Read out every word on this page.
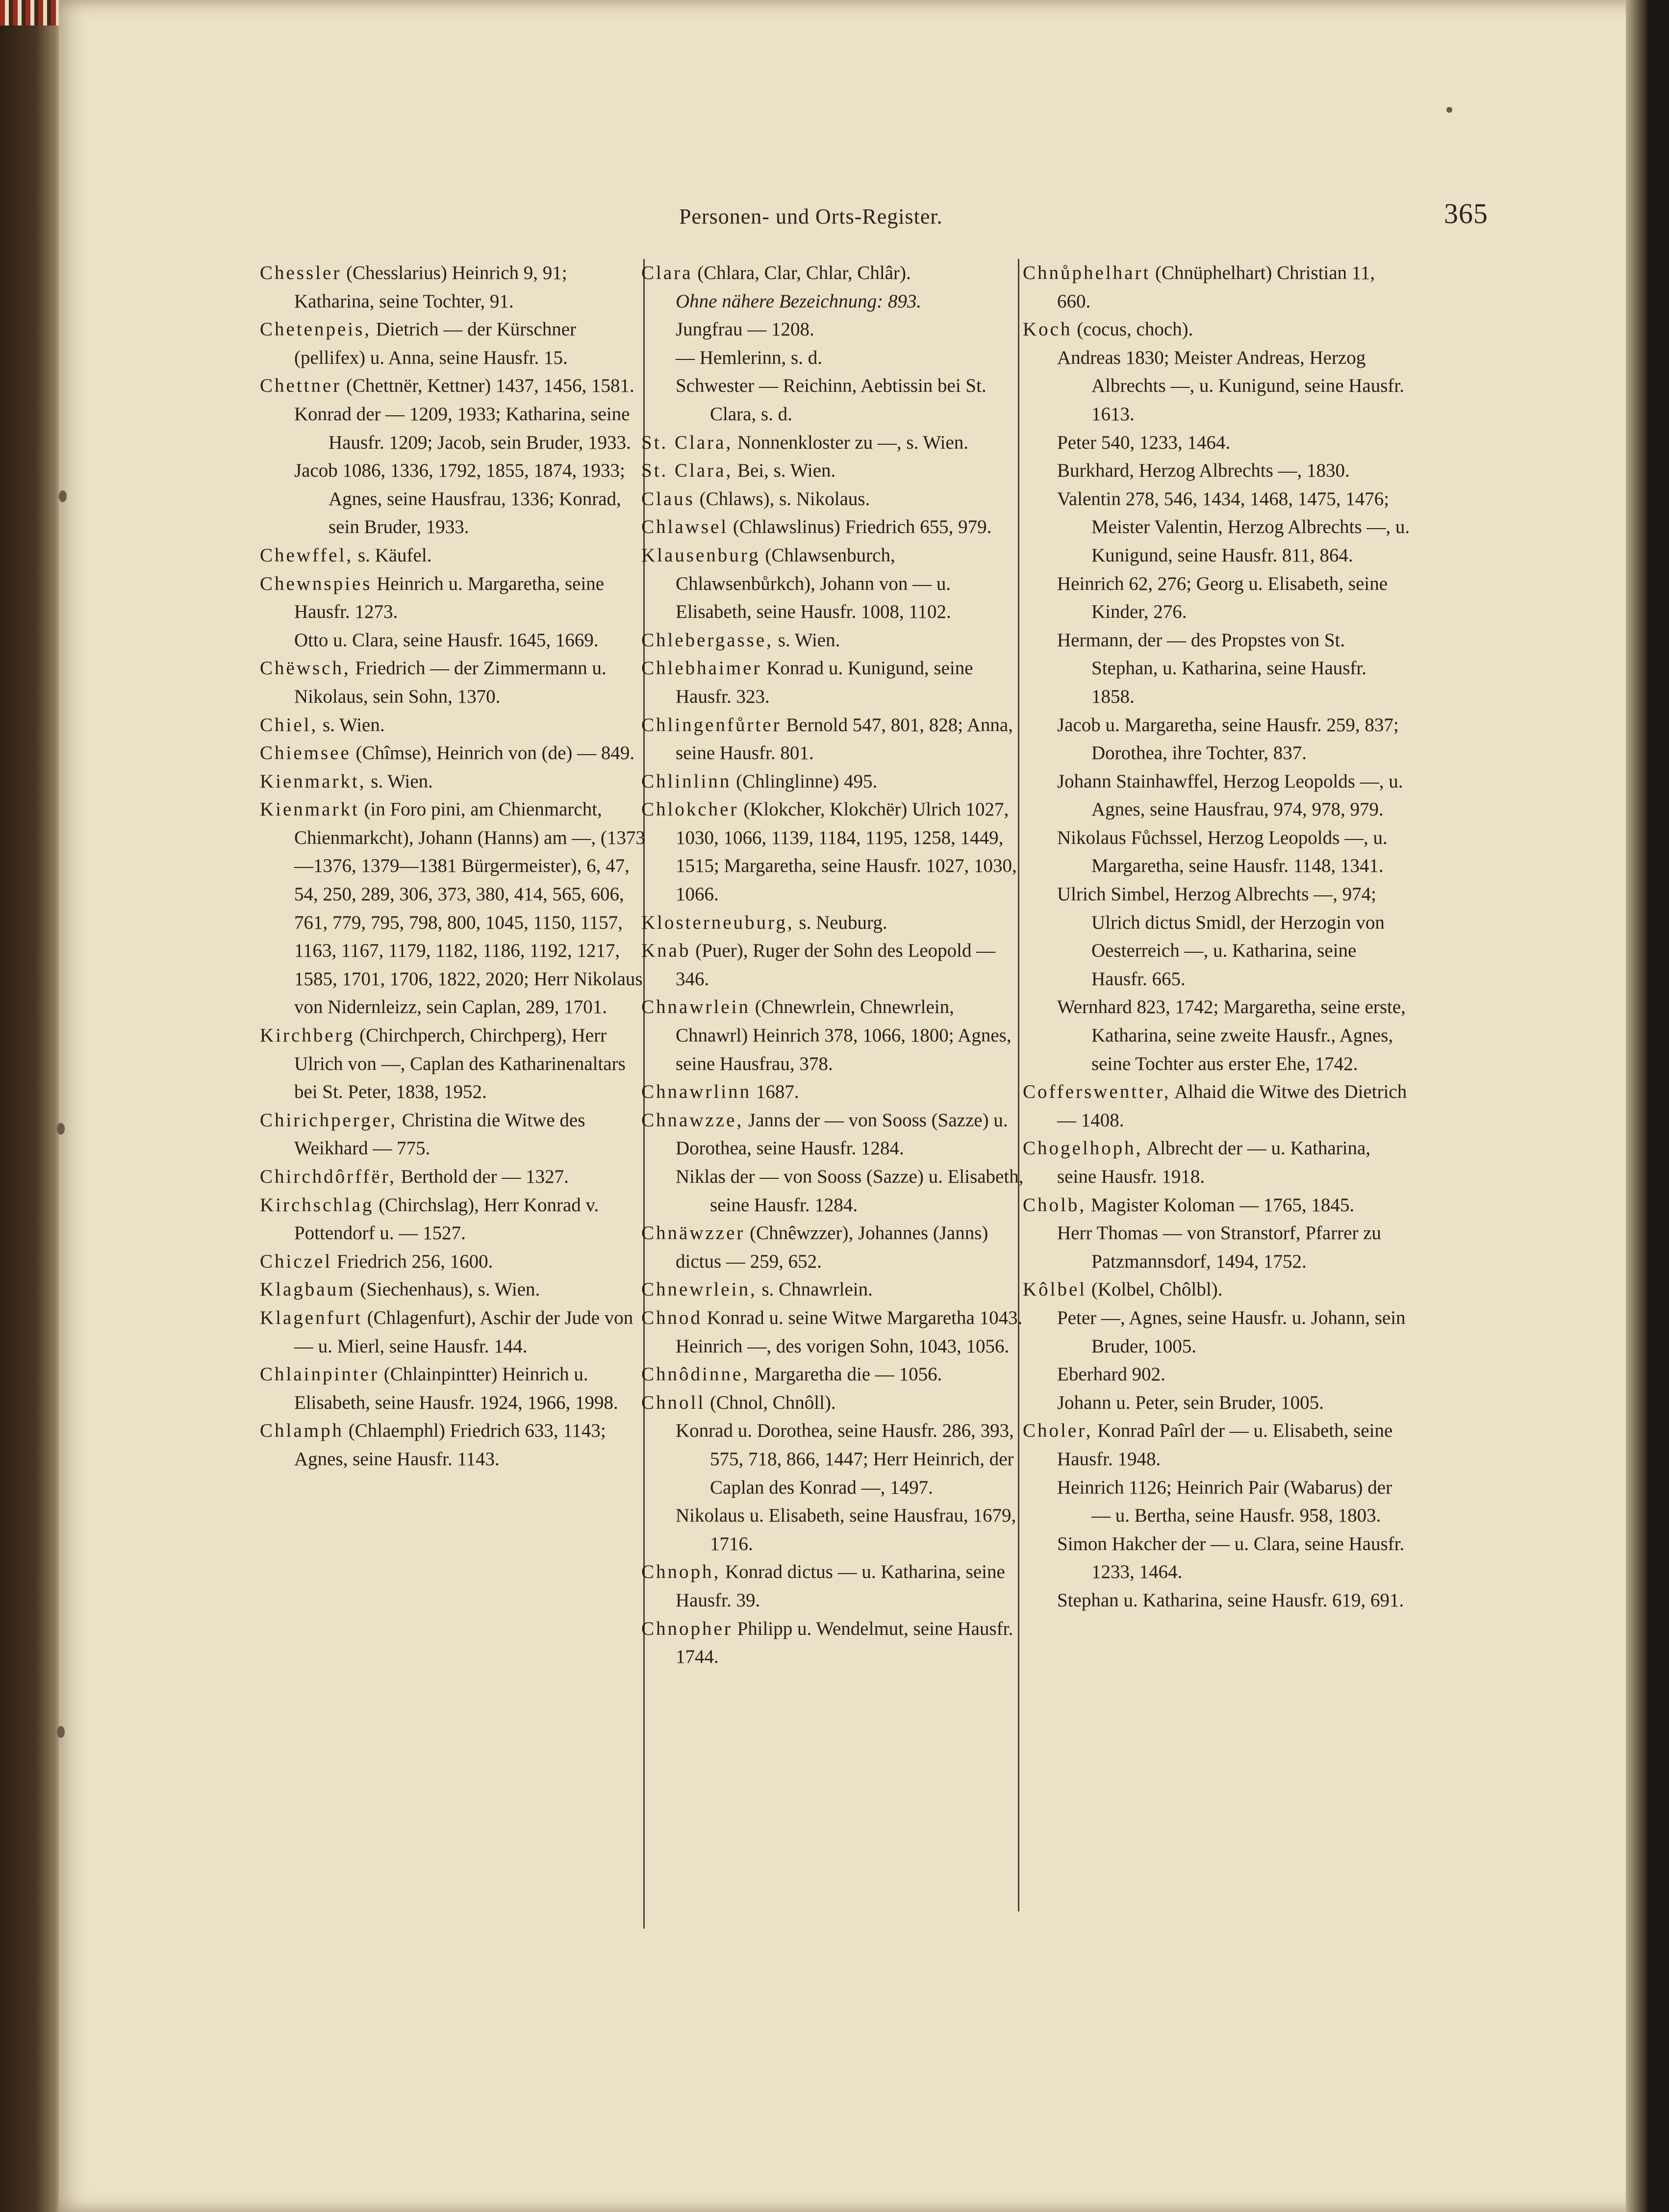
Personen- und Orts-Register.	365
Chessler (Chesslarius) Heinrich 9, 91; Katharina, seine Tochter, 91.
Chetenpeis, Dietrich — der Kürschner (pellifex) u. Anna, seine Hausfr. 15.
Chettner (Chettnër, Kettner) 1437, 1456, 1581.
Konrad der — 1209, 1933; Katharina, seine Hausfr. 1209; Jacob, sein Bruder, 1933.
Jacob 1086, 1336, 1792, 1855, 1874, 1933; Agnes, seine Hausfrau, 1336; Konrad, sein Bruder, 1933.
Chewffel, s. Käufel.
Chewnspies Heinrich u. Margaretha, seine Hausfr. 1273.
Otto u. Clara, seine Hausfr. 1645, 1669.
Chëwsch, Friedrich — der Zimmermann u. Nikolaus, sein Sohn, 1370.
Chiel, s. Wien.
Chiemsee (Chîmse), Heinrich von (de) — 849.
Kienmarkt, s. Wien.
Kienmarkt (in Foro pini, am Chienmarcht, Chienmarkcht), Johann (Hanns) am —, (1373—1376, 1379—1381 Bürgermeister), 6, 47, 54, 250, 289, 306, 373, 380, 414, 565, 606, 761, 779, 795, 798, 800, 1045, 1150, 1157, 1163, 1167, 1179, 1182, 1186, 1192, 1217, 1585, 1701, 1706, 1822, 2020; Herr Nikolaus von Nidernleizz, sein Caplan, 289, 1701.
Kirchberg (Chirchperch, Chirchperg), Herr Ulrich von —, Caplan des Katharinenaltars bei St. Peter, 1838, 1952.
Chirichperger, Christina die Witwe des Weikhard — 775.
Chirchdôrffër, Berthold der — 1327.
Kirchschlag (Chirchslag), Herr Konrad v. Pottendorf u. — 1527.
Chiczel Friedrich 256, 1600.
Klagbaum (Siechenhaus), s. Wien.
Klagenfurt (Chlagenfurt), Aschir der Jude von — u. Mierl, seine Hausfr. 144.
Chlainpinter (Chlainpintter) Heinrich u. Elisabeth, seine Hausfr. 1924, 1966, 1998.
Chlamph (Chlaemphl) Friedrich 633, 1143; Agnes, seine Hausfr. 1143.
Clara (Chlara, Clar, Chlar, Chlâr).
Ohne nähere Bezeichnung: 893.
Jungfrau — 1208.
— Hemlerinn, s. d.
Schwester — Reichinn, Aebtissin bei St. Clara, s. d.
St. Clara, Nonnenkloster zu —, s. Wien.
St. Clara, Bei, s. Wien.
Claus (Chlaws), s. Nikolaus.
Chlawsel (Chlawslinus) Friedrich 655, 979.
Klausenburg (Chlawsenburch, Chlawsenbůrkch), Johann von — u. Elisabeth, seine Hausfr. 1008, 1102.
Chlebergasse, s. Wien.
Chlebhaimer Konrad u. Kunigund, seine Hausfr. 323.
Chlingenfůrter Bernold 547, 801, 828; Anna, seine Hausfr. 801.
Chlinlinn (Chlinglinne) 495.
Chlokcher (Klokcher, Klokchër) Ulrich 1027, 1030, 1066, 1139, 1184, 1195, 1258, 1449, 1515; Margaretha, seine Hausfr. 1027, 1030, 1066.
Klosterneuburg, s. Neuburg.
Knab (Puer), Ruger der Sohn des Leopold — 346.
Chnawrlein (Chnewrlein, Chnewrlein, Chnawrl) Heinrich 378, 1066, 1800; Agnes, seine Hausfrau, 378.
Chnawrlinn 1687.
Chnawzze, Janns der — von Sooss (Sazze) u. Dorothea, seine Hausfr. 1284.
Niklas der — von Sooss (Sazze) u. Elisabeth, seine Hausfr. 1284.
Chnäwzzer (Chnêwzzer), Johannes (Janns) dictus — 259, 652.
Chnewrlein, s. Chnawrlein.
Chnod Konrad u. seine Witwe Margaretha 1043.
Heinrich —, des vorigen Sohn, 1043, 1056.
Chnôdinne, Margaretha die — 1056.
Chnoll (Chnol, Chnôll).
Konrad u. Dorothea, seine Hausfr. 286, 393, 575, 718, 866, 1447; Herr Heinrich, der Caplan des Konrad —, 1497.
Nikolaus u. Elisabeth, seine Hausfrau, 1679, 1716.
Chnoph, Konrad dictus — u. Katharina, seine Hausfr. 39.
Chnopher Philipp u. Wendelmut, seine Hausfr. 1744.
Chnůphelhart (Chnüphelhart) Christian 11, 660.
Koch (cocus, choch).
Andreas 1830; Meister Andreas, Herzog Albrechts —, u. Kunigund, seine Hausfr. 1613.
Peter 540, 1233, 1464.
Burkhard, Herzog Albrechts —, 1830.
Valentin 278, 546, 1434, 1468, 1475, 1476; Meister Valentin, Herzog Albrechts —, u. Kunigund, seine Hausfr. 811, 864.
Heinrich 62, 276; Georg u. Elisabeth, seine Kinder, 276.
Hermann, der — des Propstes von St. Stephan, u. Katharina, seine Hausfr. 1858.
Jacob u. Margaretha, seine Hausfr. 259, 837; Dorothea, ihre Tochter, 837.
Johann Stainhawffel, Herzog Leopolds —, u. Agnes, seine Hausfrau, 974, 978, 979.
Nikolaus Fůchssel, Herzog Leopolds —, u. Margaretha, seine Hausfr. 1148, 1341.
Ulrich Simbel, Herzog Albrechts —, 974; Ulrich dictus Smidl, der Herzogin von Oesterreich —, u. Katharina, seine Hausfr. 665.
Wernhard 823, 1742; Margaretha, seine erste, Katharina, seine zweite Hausfr., Agnes, seine Tochter aus erster Ehe, 1742.
Cofferswentter, Alhaid die Witwe des Dietrich — 1408.
Chogelhoph, Albrecht der — u. Katharina, seine Hausfr. 1918.
Cholb, Magister Koloman — 1765, 1845.
Herr Thomas — von Stranstorf, Pfarrer zu Patzmannsdorf, 1494, 1752.
Kôlbel (Kolbel, Chôlbl).
Peter —, Agnes, seine Hausfr. u. Johann, sein Bruder, 1005.
Eberhard 902.
Johann u. Peter, sein Bruder, 1005.
Choler, Konrad Paîrl der — u. Elisabeth, seine Hausfr. 1948.
Heinrich 1126; Heinrich Pair (Wabarus) der — u. Bertha, seine Hausfr. 958, 1803.
Simon Hakcher der — u. Clara, seine Hausfr. 1233, 1464.
Stephan u. Katharina, seine Hausfr. 619, 691.
